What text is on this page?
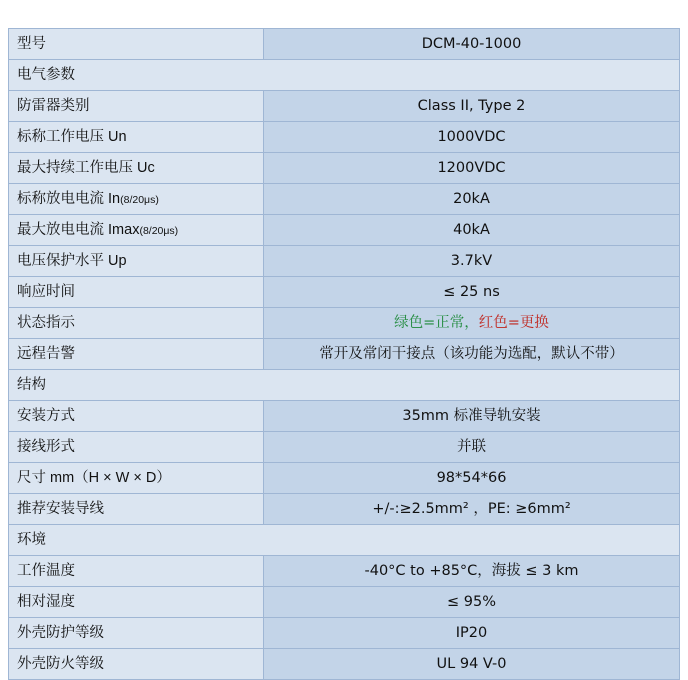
型号	DCM-40-1000
电气参数	
防雷器类别	Class II, Type 2
标称工作电压 Un	1000VDC
最大持续工作电压 Uc	1200VDC
标称放电电流 In(8/20μs)	20kA
最大放电电流 Imax(8/20μs)	40kA
电压保护水平 Up	3.7kV
响应时间	≤ 25 ns
状态指示	绿色=正常，红色=更换
远程告警	常开及常闭干接点（该功能为选配，默认不带）
结构	
安装方式	35mm 标准导轨安装
接线形式	并联
尺寸 mm（H × W × D）	98*54*66
推荐安装导线	+/-:≥2.5mm² ，PE: ≥6mm²
环境	
工作温度	-40°C to +85°C，海拔 ≤ 3 km
相对湿度	≤ 95%
外壳防护等级	IP20
外壳防火等级	UL 94 V-0
